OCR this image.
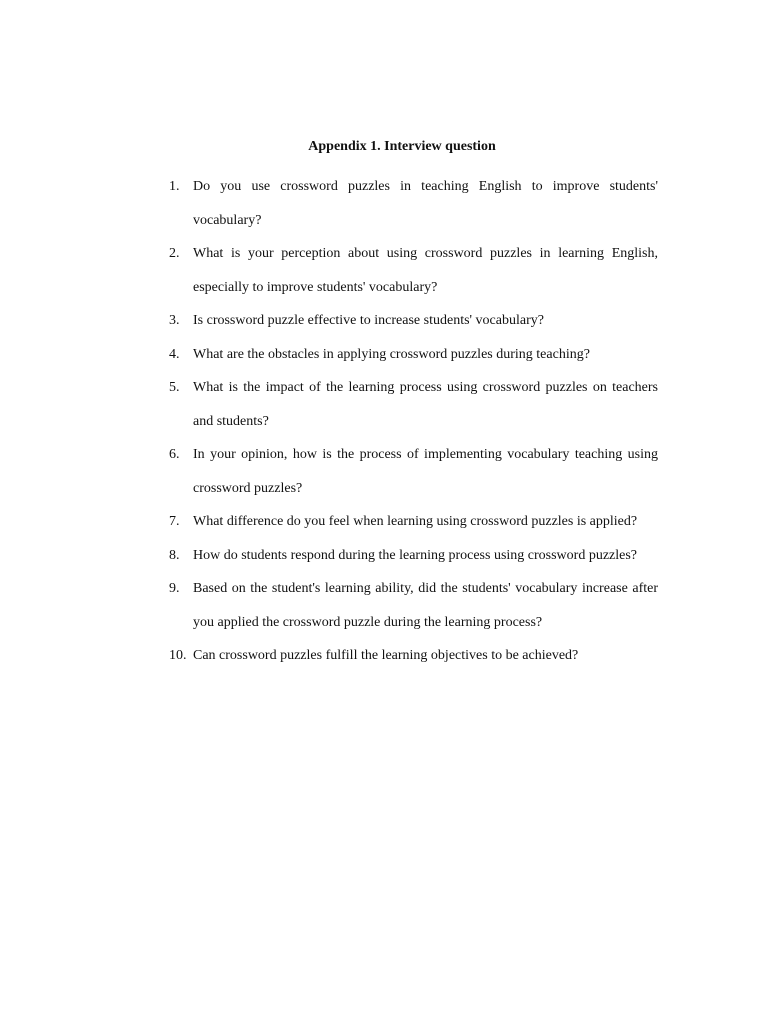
Appendix 1. Interview question
1. Do you use crossword puzzles in teaching English to improve students' vocabulary?
2. What is your perception about using crossword puzzles in learning English, especially to improve students' vocabulary?
3. Is crossword puzzle effective to increase students' vocabulary?
4. What are the obstacles in applying crossword puzzles during teaching?
5. What is the impact of the learning process using crossword puzzles on teachers and students?
6. In your opinion, how is the process of implementing vocabulary teaching using crossword puzzles?
7. What difference do you feel when learning using crossword puzzles is applied?
8. How do students respond during the learning process using crossword puzzles?
9. Based on the student's learning ability, did the students' vocabulary increase after you applied the crossword puzzle during the learning process?
10. Can crossword puzzles fulfill the learning objectives to be achieved?
